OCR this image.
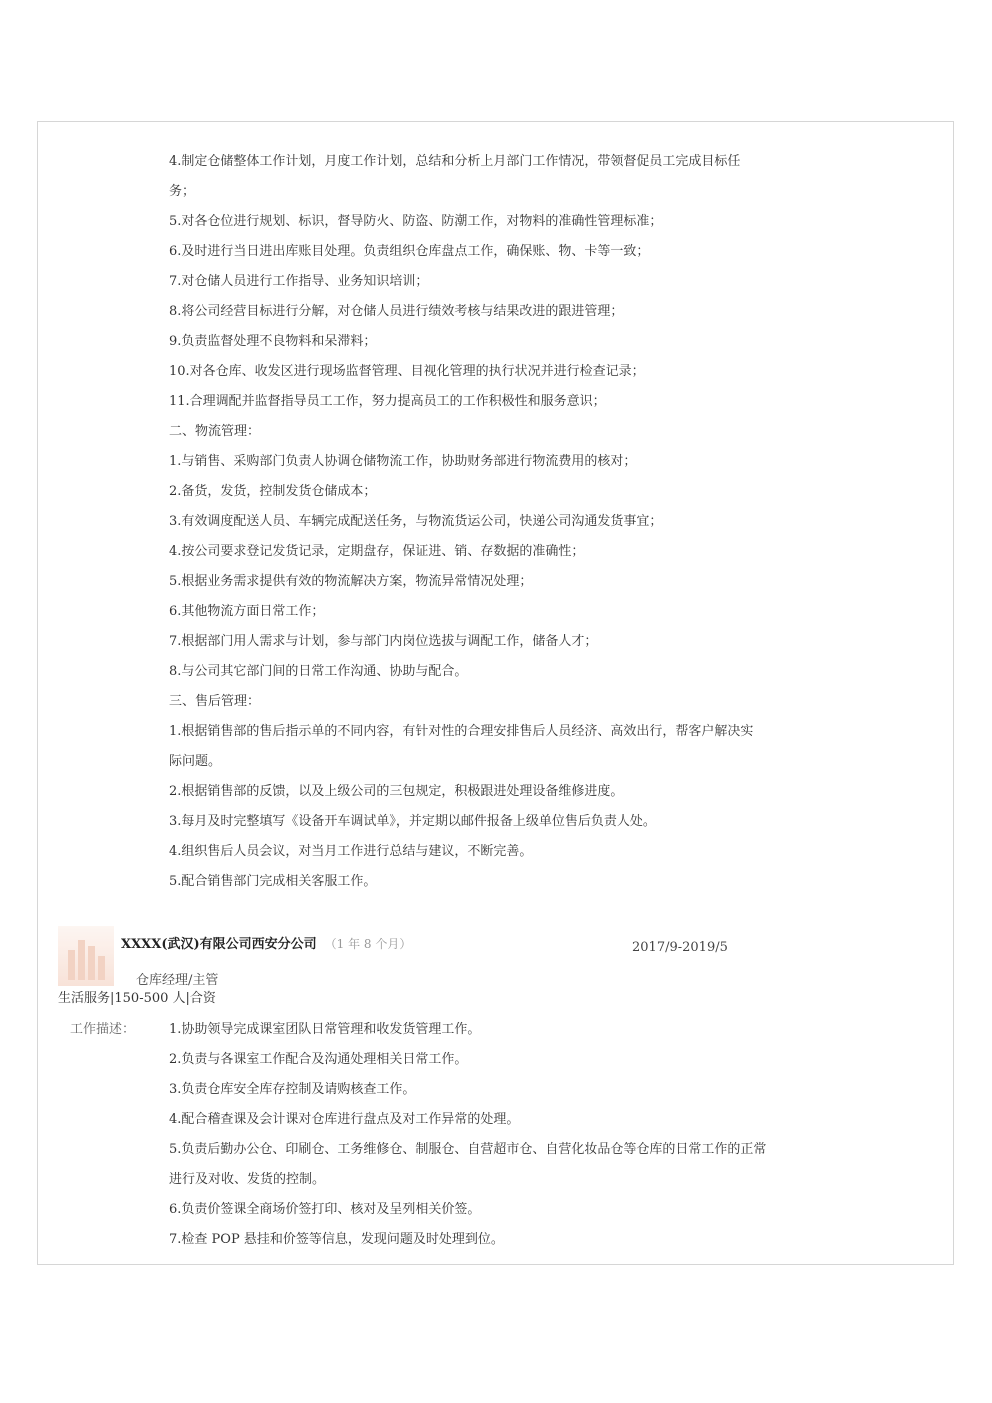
4.制定仓储整体工作计划，月度工作计划，总结和分析上月部门工作情况，带领督促员工完成目标任

务；

5.对各仓位进行规划、标识，督导防火、防盗、防潮工作，对物料的准确性管理标准；

6.及时进行当日进出库账目处理。负责组织仓库盘点工作，确保账、物、卡等一致；

7.对仓储人员进行工作指导、业务知识培训；

8.将公司经营目标进行分解，对仓储人员进行绩效考核与结果改进的跟进管理；

9.负责监督处理不良物料和呆滞料；

10.对各仓库、收发区进行现场监督管理、目视化管理的执行状况并进行检查记录；

11.合理调配并监督指导员工工作，努力提高员工的工作积极性和服务意识；

二、物流管理：

1.与销售、采购部门负责人协调仓储物流工作，协助财务部进行物流费用的核对；

2.备货，发货，控制发货仓储成本；

3.有效调度配送人员、车辆完成配送任务，与物流货运公司，快递公司沟通发货事宜；

4.按公司要求登记发货记录，定期盘存，保证进、销、存数据的准确性；

5.根据业务需求提供有效的物流解决方案，物流异常情况处理；

6.其他物流方面日常工作；

7.根据部门用人需求与计划，参与部门内岗位选拔与调配工作，储备人才；

8.与公司其它部门间的日常工作沟通、协助与配合。

三、售后管理：

1.根据销售部的售后指示单的不同内容，有针对性的合理安排售后人员经济、高效出行，帮客户解决实

际问题。

2.根据销售部的反馈，以及上级公司的三包规定，积极跟进处理设备维修进度。

3.每月及时完整填写《设备开车调试单》，并定期以邮件报备上级单位售后负责人处。

4.组织售后人员会议，对当月工作进行总结与建议，不断完善。

5.配合销售部门完成相关客服工作。

XXXX(武汉)有限公司西安分公司 （1 年 8 个月）	2017/9-2019/5
仓库经理/主管
生活服务|150-500 人|合资
工作描述：	1.协助领导完成课室团队日常管理和收发货管理工作。

2.负责与各课室工作配合及沟通处理相关日常工作。

3.负责仓库安全库存控制及请购核查工作。

4.配合稽查课及会计课对仓库进行盘点及对工作异常的处理。

5.负责后勤办公仓、印刷仓、工务维修仓、制服仓、自营超市仓、自营化妆品仓等仓库的日常工作的正常

进行及对收、发货的控制。

6.负责价签课全商场价签打印、核对及呈列相关价签。

7.检查 POP 悬挂和价签等信息，发现问题及时处理到位。
